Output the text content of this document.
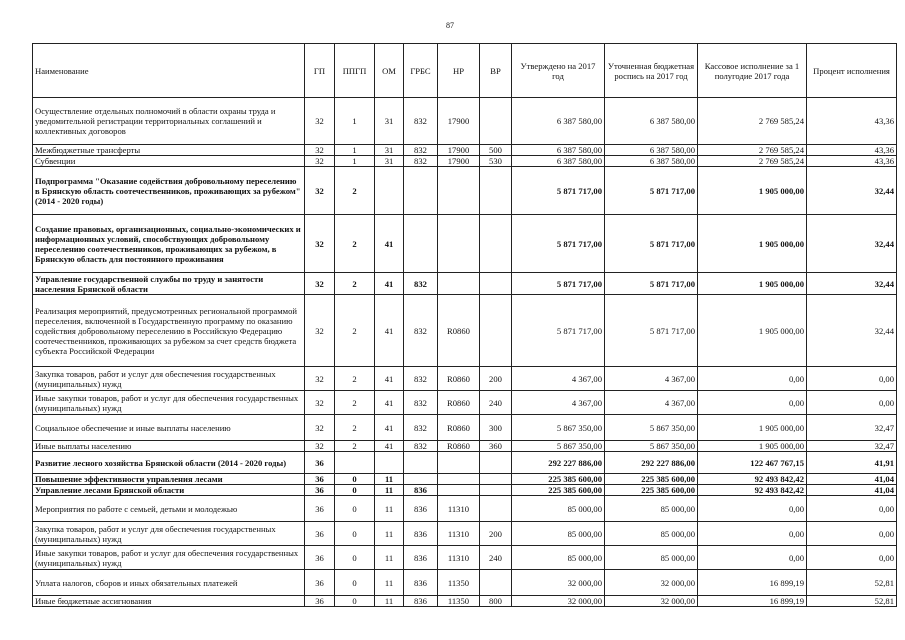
87
Наименование	ГП	ППГП	ОМ	ГРБС	НР	ВР	Утверждено на 2017 год	Уточненная бюджетная роспись на 2017 год	Кассовое исполнение за 1 полугодие 2017 года	Процент исполнения
Осуществление отдельных полномочий в области охраны труда и уведомительной регистрации территориальных соглашений и коллективных договоров	32	1	31	832	17900		6 387 580,00	6 387 580,00	2 769 585,24	43,36
Межбюджетные трансферты	32	1	31	832	17900	500	6 387 580,00	6 387 580,00	2 769 585,24	43,36
Субвенции	32	1	31	832	17900	530	6 387 580,00	6 387 580,00	2 769 585,24	43,36
Подпрограмма "Оказание содействия добровольному переселению в Брянскую область соотечественников, проживающих за рубежом" (2014 - 2020 годы)	32	2					5 871 717,00	5 871 717,00	1 905 000,00	32,44
Создание правовых, организационных, социально-экономических и информационных условий, способствующих добровольному переселению соотечественников, проживающих за рубежом, в Брянскую область для постоянного проживания	32	2	41				5 871 717,00	5 871 717,00	1 905 000,00	32,44
Управление государственной службы по труду и занятости населения Брянской области	32	2	41	832			5 871 717,00	5 871 717,00	1 905 000,00	32,44
Реализация мероприятий, предусмотренных региональной программой переселения, включенной в Государственную программу по оказанию содействия добровольному переселению в Российскую Федерацию соотечественников, проживающих за рубежом за счет средств бюджета субъекта Российской Федерации	32	2	41	832	R0860		5 871 717,00	5 871 717,00	1 905 000,00	32,44
Закупка товаров, работ и услуг для обеспечения государственных (муниципальных) нужд	32	2	41	832	R0860	200	4 367,00	4 367,00	0,00	0,00
Иные закупки товаров, работ и услуг для обеспечения государственных (муниципальных) нужд	32	2	41	832	R0860	240	4 367,00	4 367,00	0,00	0,00
Социальное обеспечение и иные выплаты населению	32	2	41	832	R0860	300	5 867 350,00	5 867 350,00	1 905 000,00	32,47
Иные выплаты населению	32	2	41	832	R0860	360	5 867 350,00	5 867 350,00	1 905 000,00	32,47
Развитие лесного хозяйства Брянской области (2014 - 2020 годы)	36						292 227 886,00	292 227 886,00	122 467 767,15	41,91
Повышение эффективности управления лесами	36	0	11				225 385 600,00	225 385 600,00	92 493 842,42	41,04
Управление лесами Брянской области	36	0	11	836			225 385 600,00	225 385 600,00	92 493 842,42	41,04
Мероприятия по работе с семьей, детьми и молодежью	36	0	11	836	11310		85 000,00	85 000,00	0,00	0,00
Закупка товаров, работ и услуг для обеспечения государственных (муниципальных) нужд	36	0	11	836	11310	200	85 000,00	85 000,00	0,00	0,00
Иные закупки товаров, работ и услуг для обеспечения государственных (муниципальных) нужд	36	0	11	836	11310	240	85 000,00	85 000,00	0,00	0,00
Уплата налогов, сборов и иных обязательных платежей	36	0	11	836	11350		32 000,00	32 000,00	16 899,19	52,81
Иные бюджетные ассигнования	36	0	11	836	11350	800	32 000,00	32 000,00	16 899,19	52,81
